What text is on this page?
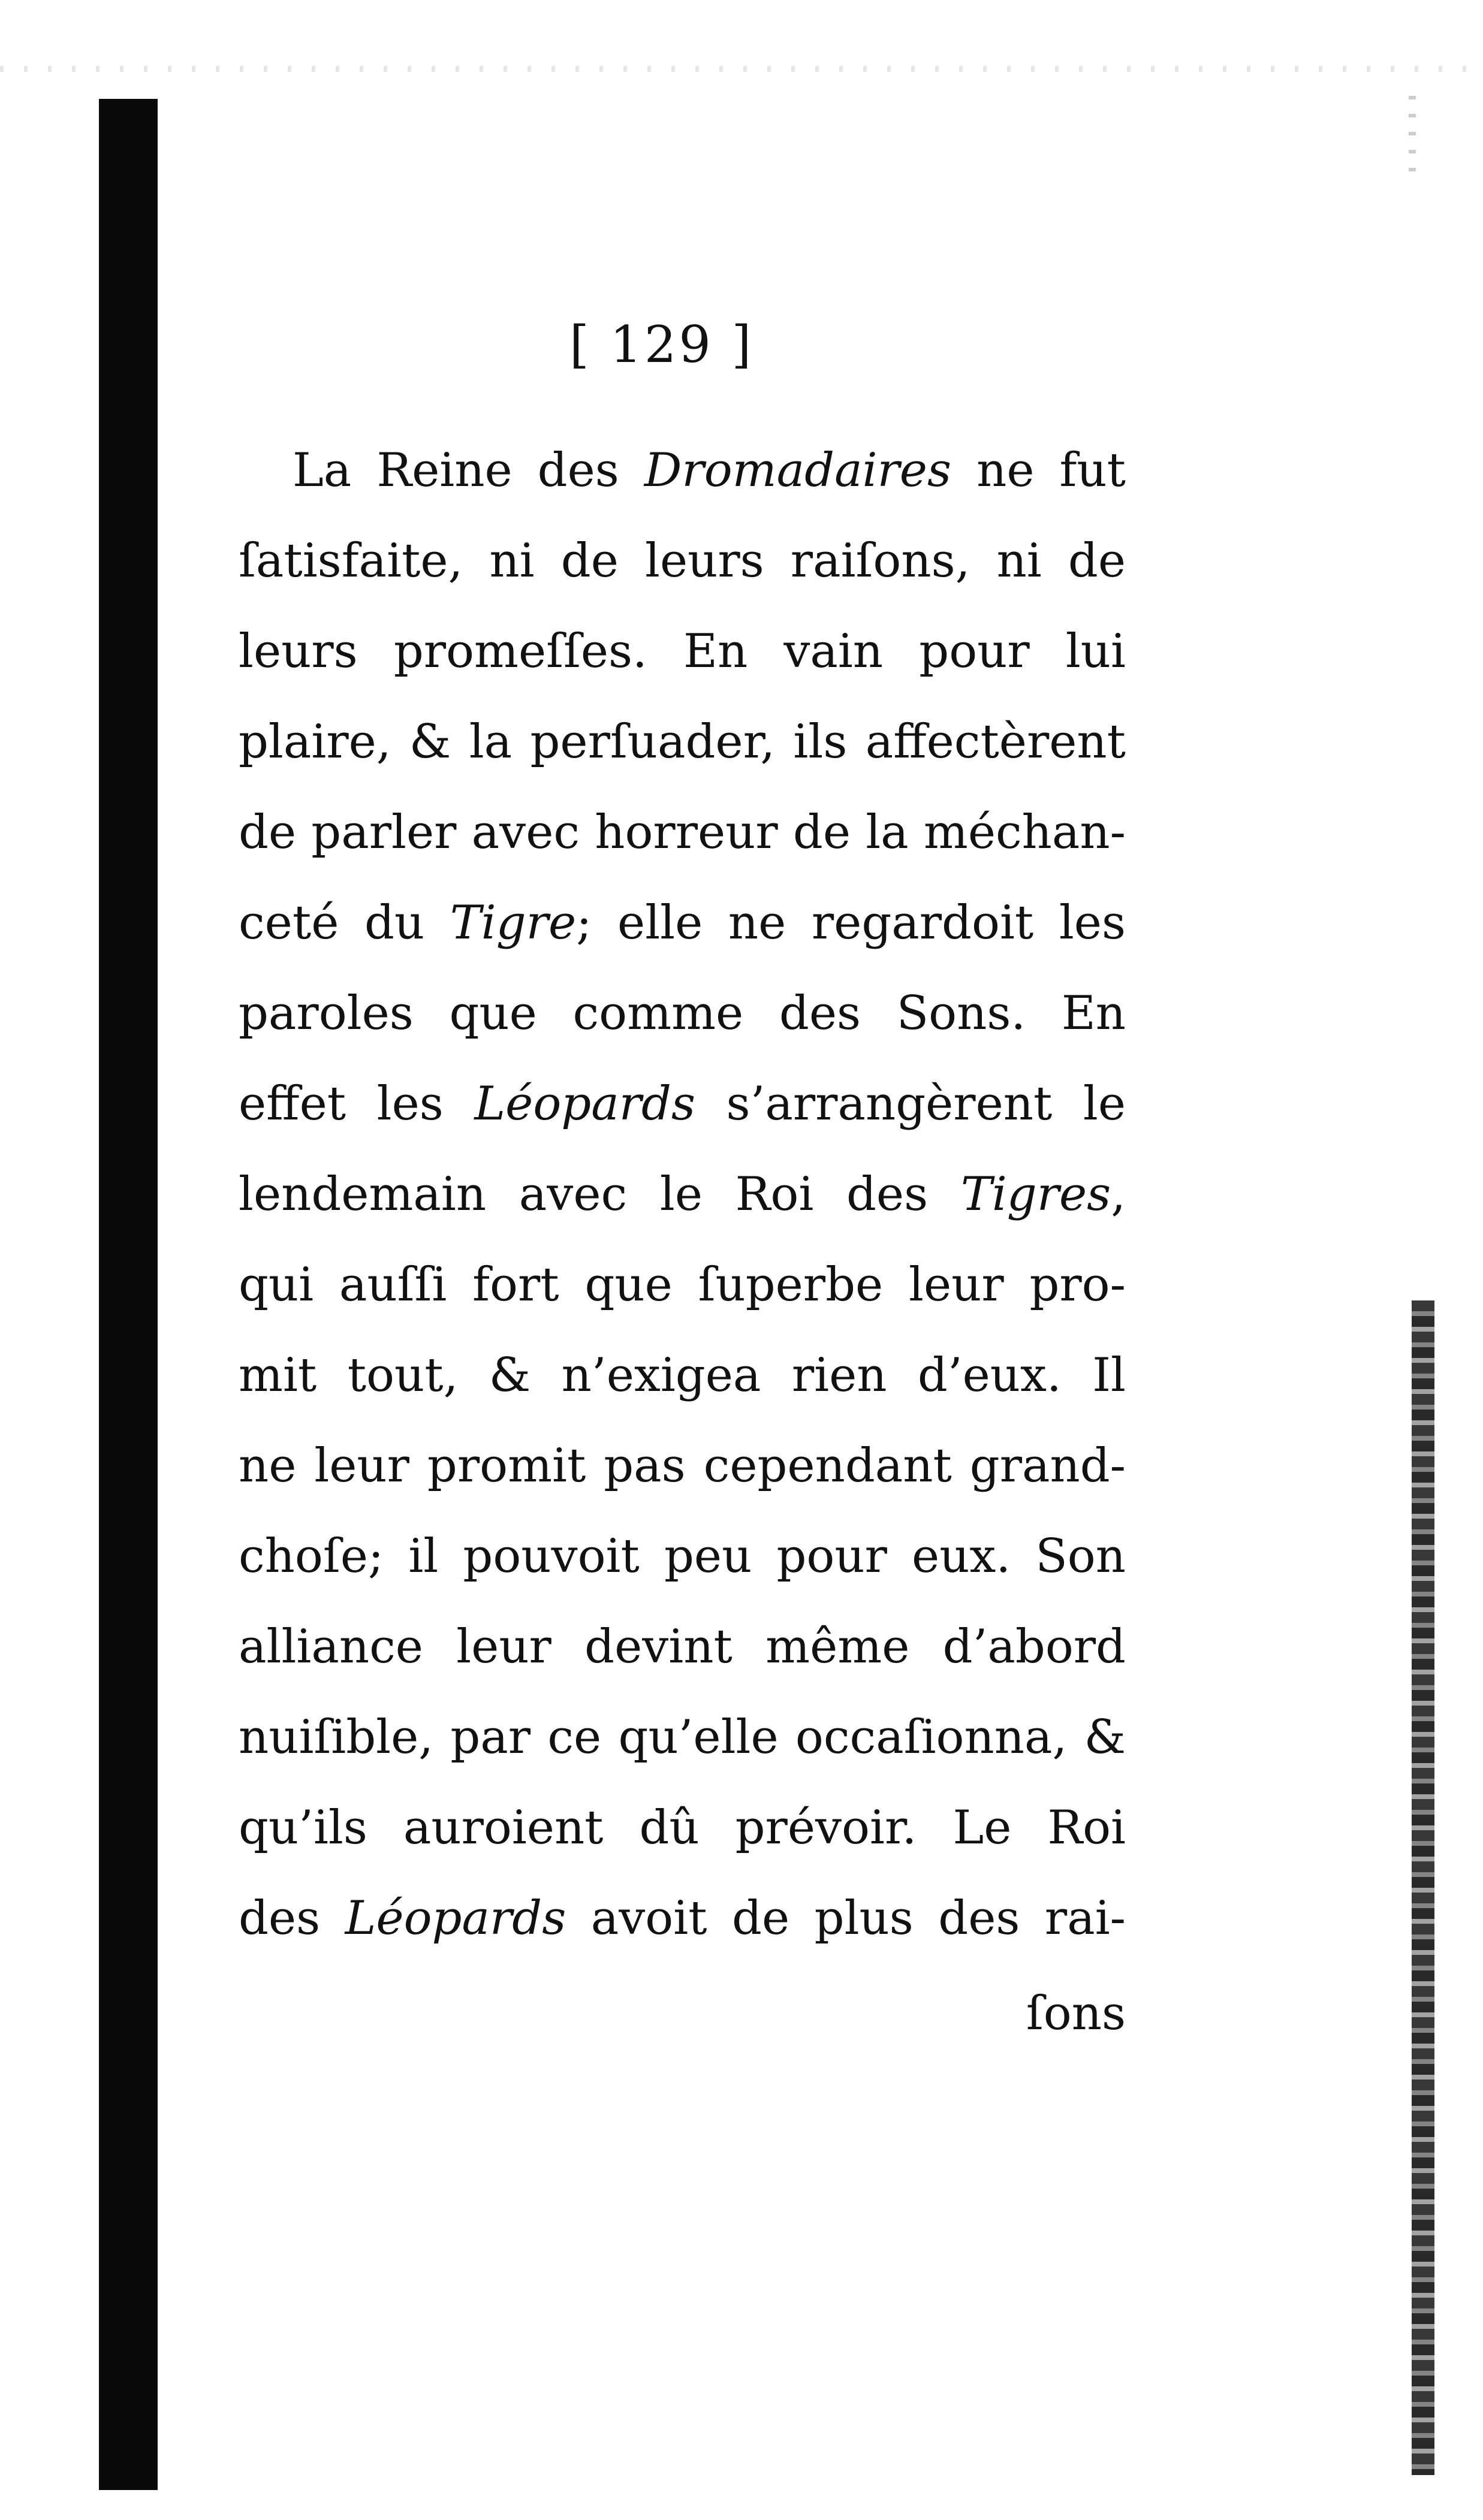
[ 129 ]
La Reine des Dromadaires ne fut
ſatisfaite, ni de leurs raiſons, ni de
leurs promeſſes. En vain pour lui
plaire, & la perſuader, ils affectèrent
de parler avec horreur de la méchan-
ceté du Tigre; elle ne regardoit les
paroles que comme des Sons. En
effet les Léopards s’arrangèrent le
lendemain avec le Roi des Tigres,
qui auſſi fort que ſuperbe leur pro-
mit tout, & n’exigea rien d’eux. Il
ne leur promit pas cependant grand-
choſe; il pouvoit peu pour eux. Son
alliance leur devint même d’abord
nuiſible, par ce qu’elle occaſionna, &
qu’ils auroient dû prévoir. Le Roi
des Léopards avoit de plus des rai-
ſons
